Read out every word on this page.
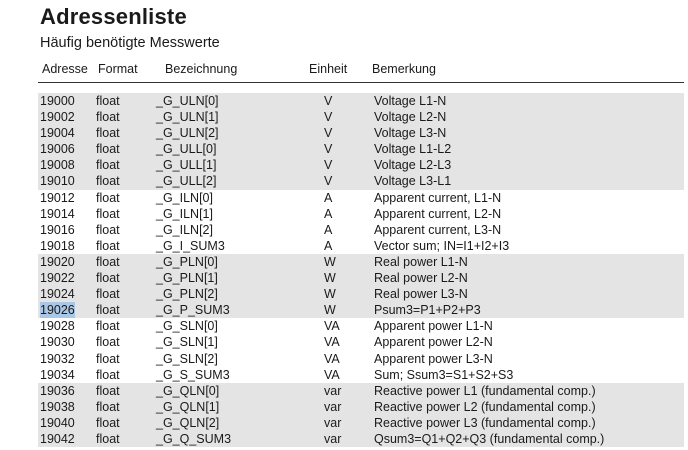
Adressenliste
Häufig benötigte Messwerte
Adresse Format Bezeichnung	Einheit Bemerkung
19000 float	_G_ULN[0]	V	Voltage L1-N
19002 float	_G_ULN[1]	V	Voltage L2-N
19004 float	_G_ULN[2]	V	Voltage L3-N
19006 float	_G_ULL[0]	V	Voltage L1-L2
19008 float	_G_ULL[1]	V	Voltage L2-L3
19010 float	_G_ULL[2]	V	Voltage L3-L1
19012 float	_G_ILN[0]	A	Apparent current, L1-N
19014 float	_G_ILN[1]	A	Apparent current, L2-N
19016 float	_G_ILN[2]	A	Apparent current, L3-N
19018 float	_G_I_SUM3	A	Vector sum; IN=I1+I2+I3
19020 float	_G_PLN[0]	W	Real power L1-N
19022 float	_G_PLN[1]	W	Real power L2-N
19024 float	_G_PLN[2]	W	Real power L3-N
19026 float	_G_P_SUM3	W	Psum3=P1+P2+P3
19028 float	_G_SLN[0]	VA	Apparent power L1-N
19030 float	_G_SLN[1]	VA	Apparent power L2-N
19032 float	_G_SLN[2]	VA	Apparent power L3-N
19034 float	_G_S_SUM3	VA	Sum; Ssum3=S1+S2+S3
19036 float	_G_QLN[0]	var	Reactive power L1 (fundamental comp.)
19038 float	_G_QLN[1]	var	Reactive power L2 (fundamental comp.)
19040 float	_G_QLN[2]	var	Reactive power L3 (fundamental comp.)
19042 float	_G_Q_SUM3	var	Qsum3=Q1+Q2+Q3 (fundamental comp.)
